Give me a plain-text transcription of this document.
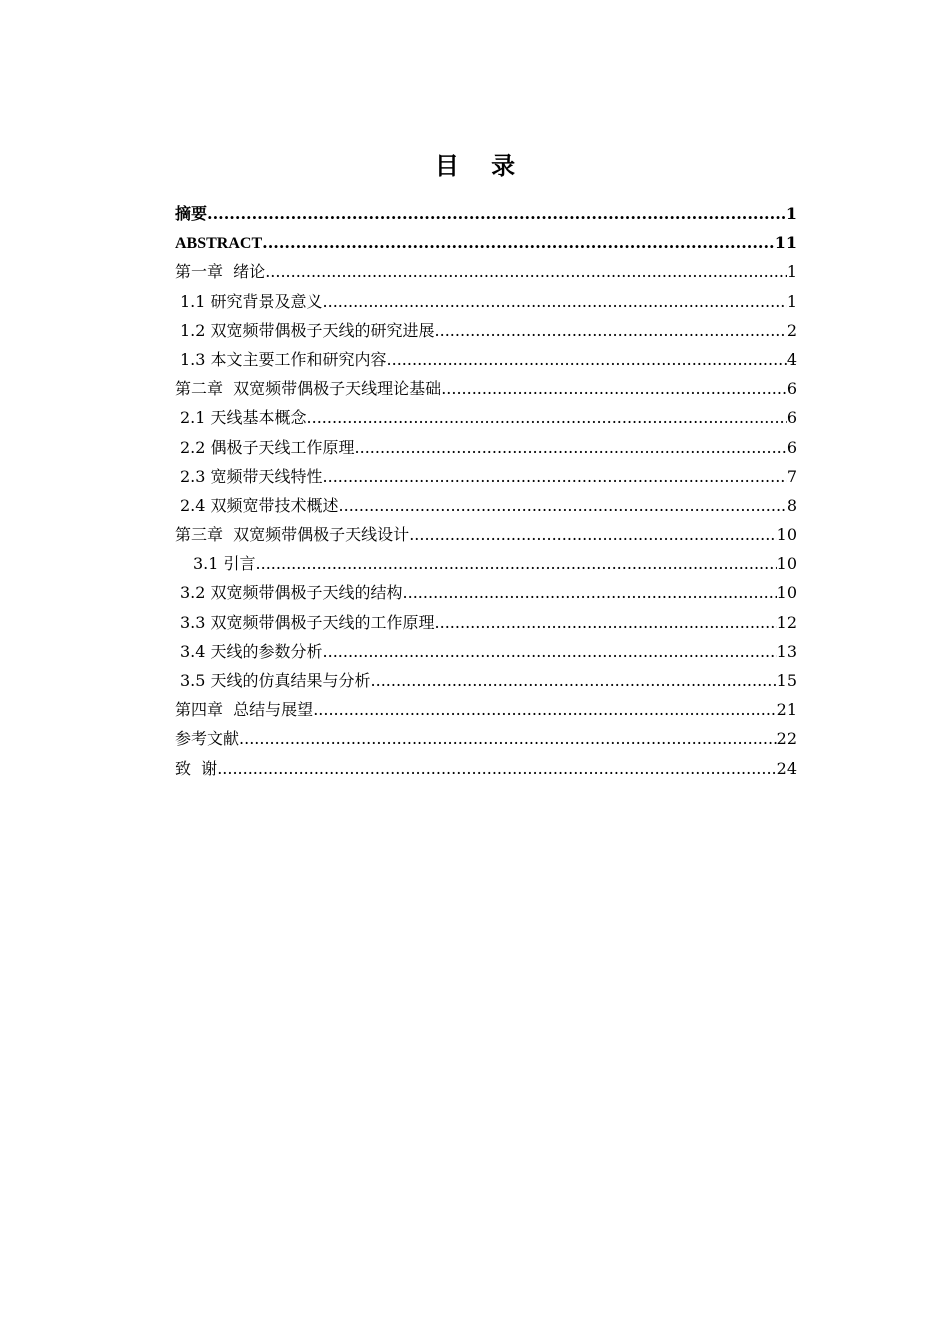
目 录
摘要 .....	1
ABSTRACT .....	11
第一章  绪论 .....	1
1.1 研究背景及意义 .....	1
1.2 双宽频带偶极子天线的研究进展 .....	2
1.3 本文主要工作和研究内容 .....	4
第二章  双宽频带偶极子天线理论基础 .....	6
2.1 天线基本概念 .....	6
2.2 偶极子天线工作原理 .....	6
2.3 宽频带天线特性 .....	7
2.4 双频宽带技术概述 .....	8
第三章  双宽频带偶极子天线设计 .....	10
3.1 引言 .....	10
3.2 双宽频带偶极子天线的结构 .....	10
3.3 双宽频带偶极子天线的工作原理 .....	12
3.4 天线的参数分析 .....	13
3.5 天线的仿真结果与分析 .....	15
第四章  总结与展望 .....	21
参考文献 .....	22
致  谢 .....	24
